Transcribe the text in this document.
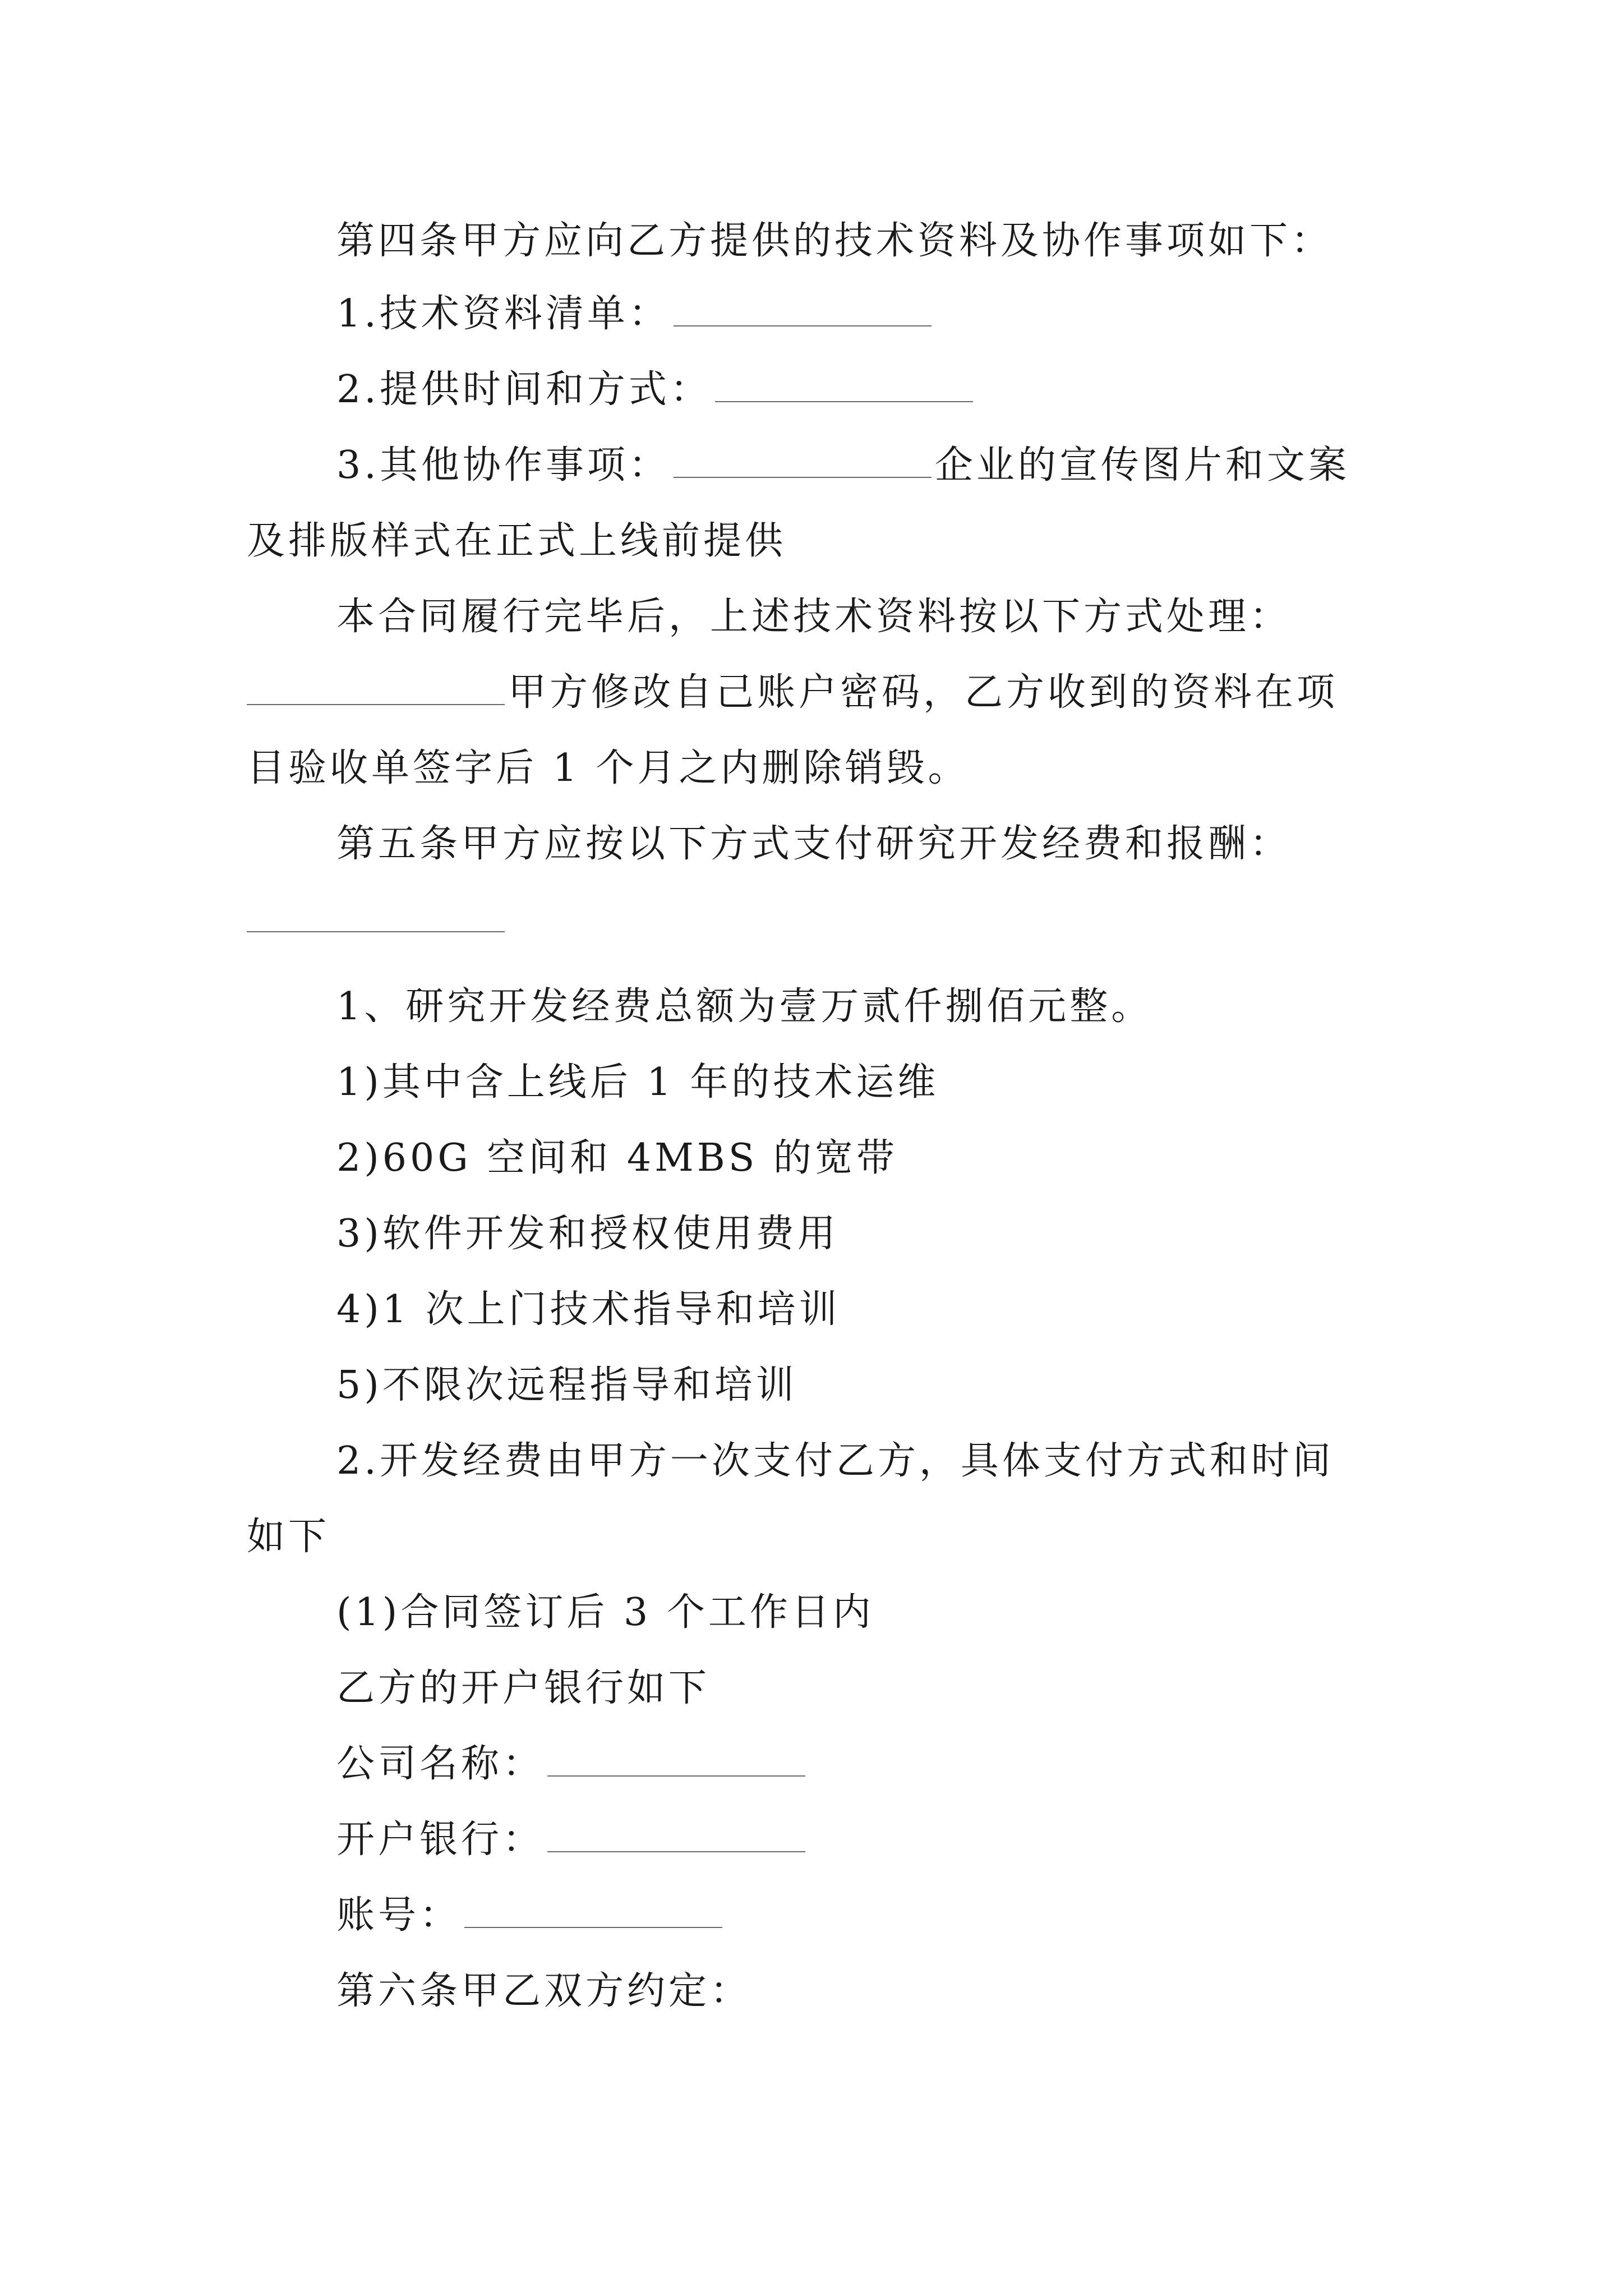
第四条甲方应向乙方提供的技术资料及协作事项如下：
1.技术资料清单：
2.提供时间和方式：
3.其他协作事项：	企业的宣传图片和文案
及排版样式在正式上线前提供
本合同履行完毕后，上述技术资料按以下方式处理：
甲方修改自己账户密码，乙方收到的资料在项
目验收单签字后 1 个月之内删除销毁。
第五条甲方应按以下方式支付研究开发经费和报酬：
1、研究开发经费总额为壹万贰仟捌佰元整。
1)其中含上线后 1 年的技术运维
2)60G 空间和 4MBS 的宽带
3)软件开发和授权使用费用
4)1 次上门技术指导和培训
5)不限次远程指导和培训
2.开发经费由甲方一次支付乙方，具体支付方式和时间
如下
(1)合同签订后 3 个工作日内
乙方的开户银行如下
公司名称：
开户银行：
账号：
第六条甲乙双方约定：
